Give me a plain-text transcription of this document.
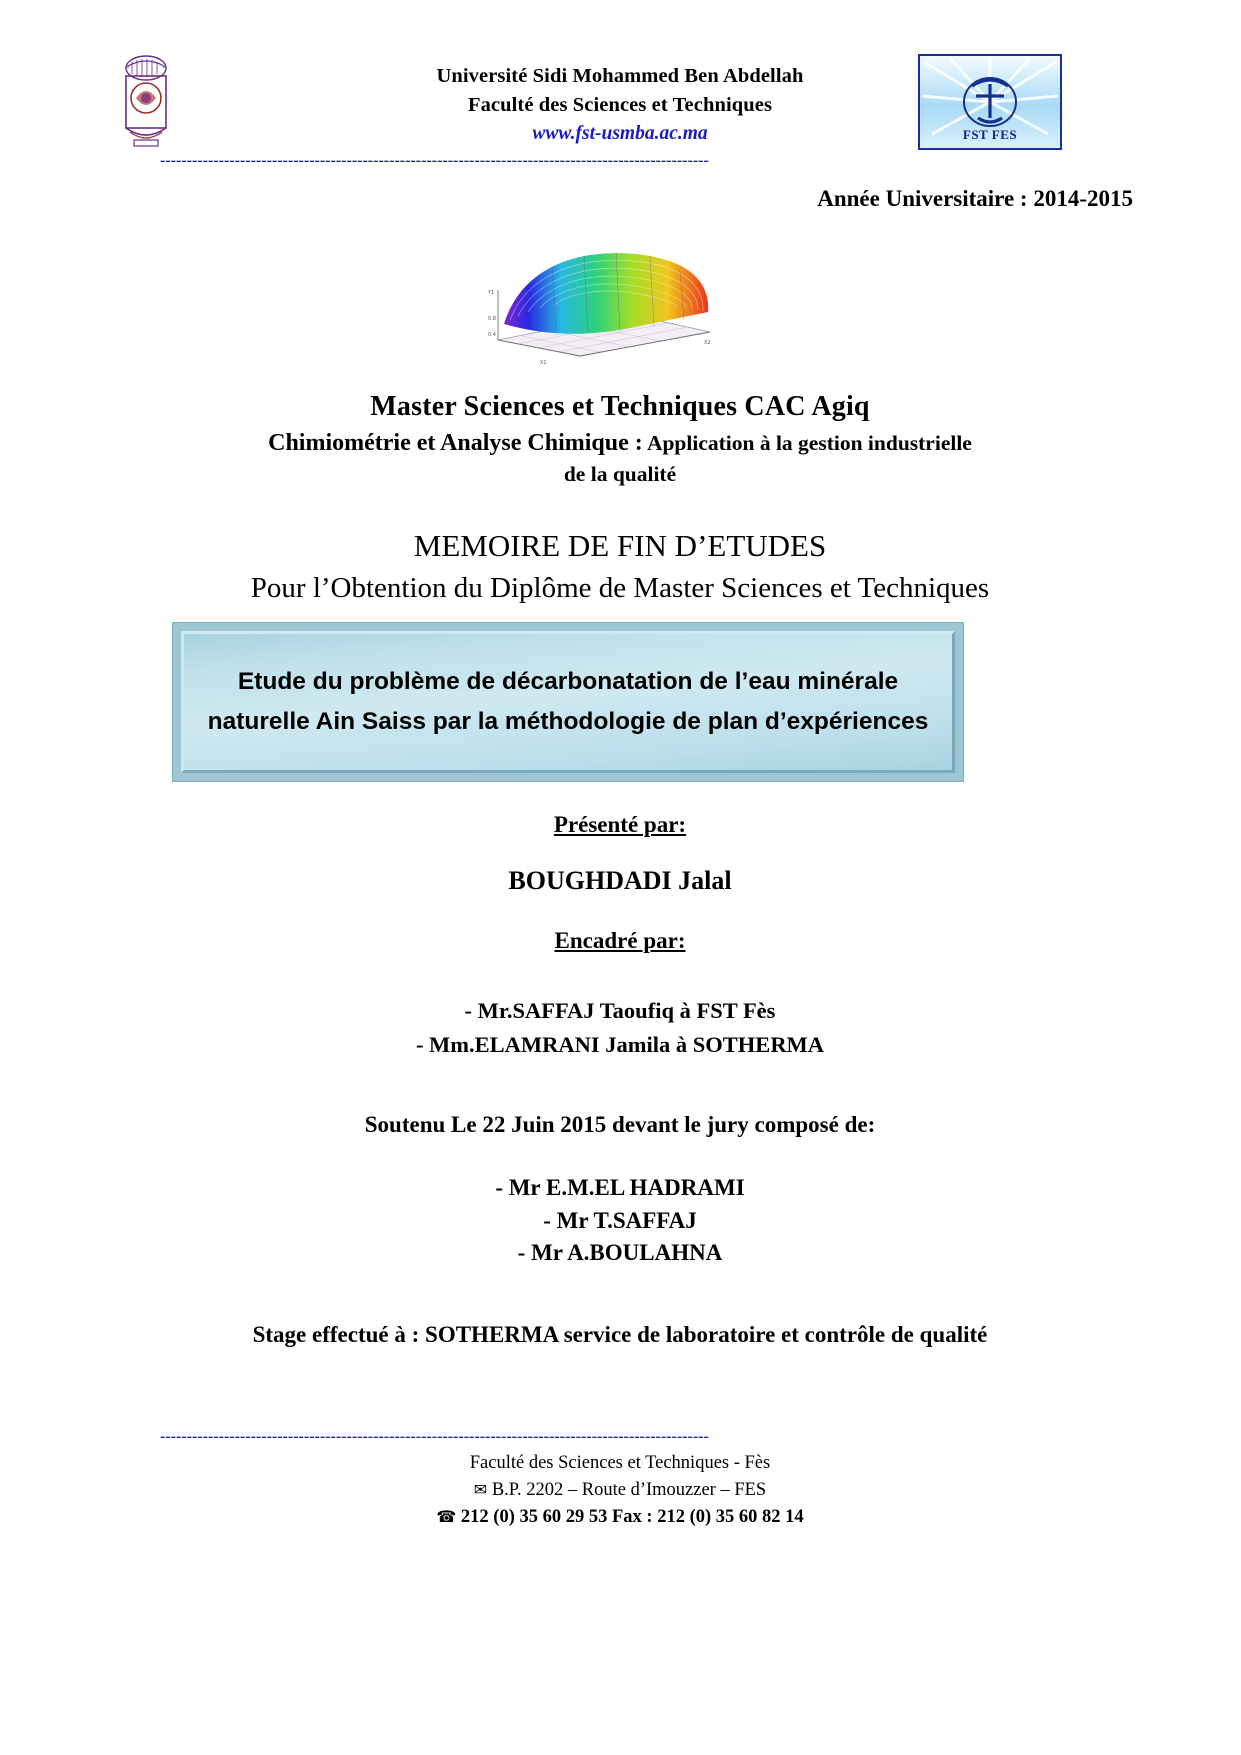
Université Sidi Mohammed Ben Abdellah
Faculté des Sciences et Techniques
www.fst-usmba.ac.ma	FST FES
-------------------------------------------------------------------------------------------------------
Année Universitaire : 2014-2015
Y1
X1
X2
0.8
0.4
Master Sciences et Techniques CAC Agiq
Chimiométrie et Analyse Chimique : Application à la gestion industrielle
de la qualité
MEMOIRE DE FIN D’ETUDES
Pour l’Obtention du Diplôme de Master Sciences et Techniques
Etude du problème de décarbonatation de l’eau minérale naturelle Ain Saiss par la méthodologie de plan d’expériences
Présenté par:
BOUGHDADI Jalal
Encadré par:
- Mr.SAFFAJ Taoufiq à FST Fès
- Mm.ELAMRANI Jamila à SOTHERMA
Soutenu Le 22 Juin 2015 devant le jury composé de:
- Mr E.M.EL HADRAMI
- Mr T.SAFFAJ
- Mr A.BOULAHNA
Stage effectué à : SOTHERMA service de laboratoire et contrôle de qualité
-------------------------------------------------------------------------------------------------------
Faculté des Sciences et Techniques - Fès
✉ B.P. 2202 – Route d’Imouzzer – FES
☎ 212 (0) 35 60 29 53 Fax : 212 (0) 35 60 82 14
